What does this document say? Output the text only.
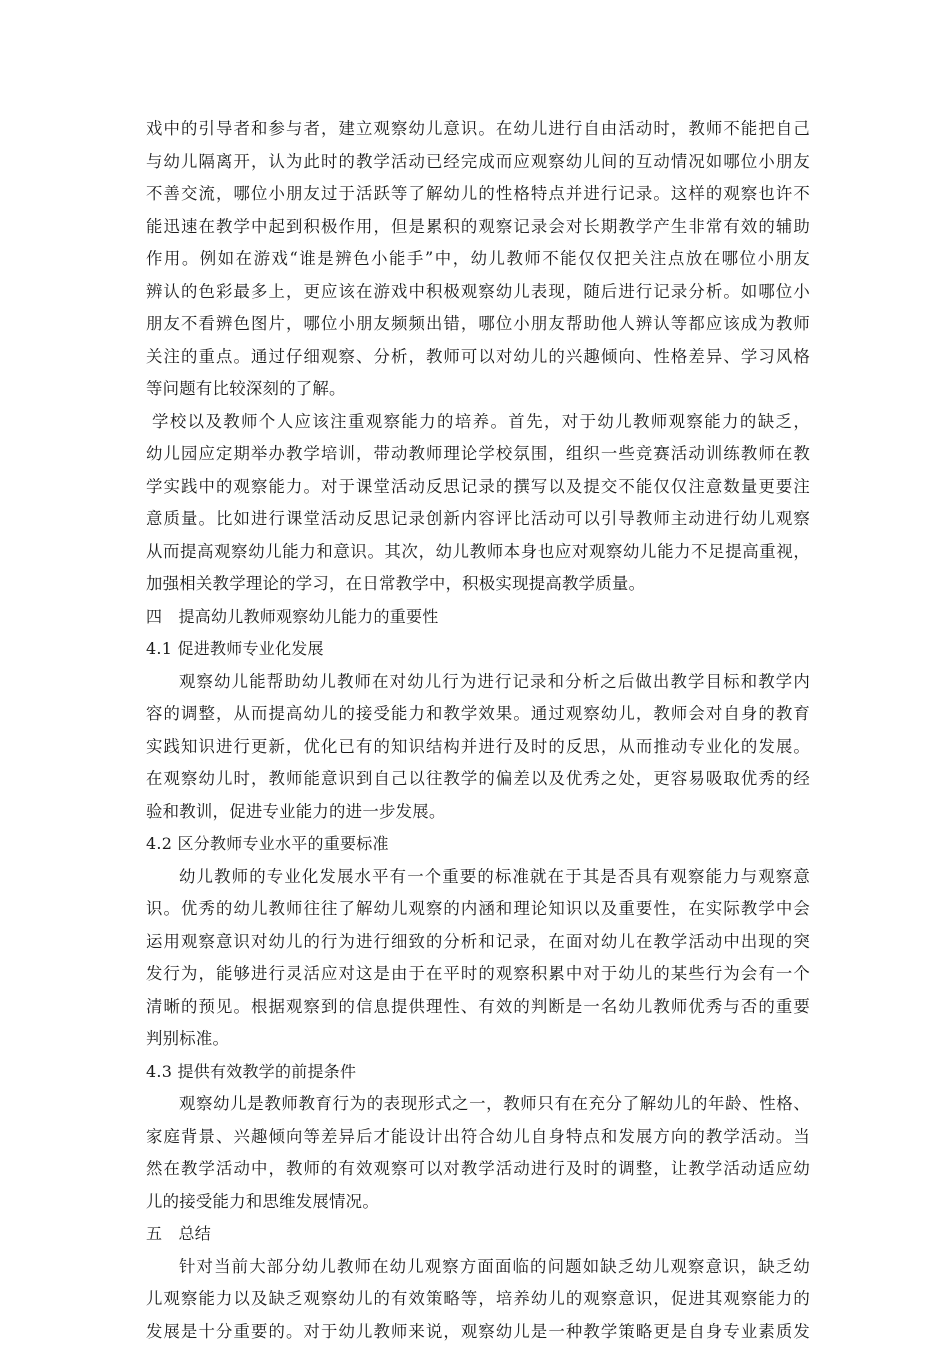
戏中的引导者和参与者，建立观察幼儿意识。在幼儿进行自由活动时，教师不能把自己
与幼儿隔离开，认为此时的教学活动已经完成而应观察幼儿间的互动情况如哪位小朋友
不善交流，哪位小朋友过于活跃等了解幼儿的性格特点并进行记录。这样的观察也许不
能迅速在教学中起到积极作用，但是累积的观察记录会对长期教学产生非常有效的辅助
作用。例如在游戏“谁是辨色小能手”中，幼儿教师不能仅仅把关注点放在哪位小朋友
辨认的色彩最多上，更应该在游戏中积极观察幼儿表现，随后进行记录分析。如哪位小
朋友不看辨色图片，哪位小朋友频频出错，哪位小朋友帮助他人辨认等都应该成为教师
关注的重点。通过仔细观察、分析，教师可以对幼儿的兴趣倾向、性格差异、学习风格
等问题有比较深刻的了解。
学校以及教师个人应该注重观察能力的培养。首先，对于幼儿教师观察能力的缺乏，
幼儿园应定期举办教学培训，带动教师理论学校氛围，组织一些竞赛活动训练教师在教
学实践中的观察能力。对于课堂活动反思记录的撰写以及提交不能仅仅注意数量更要注
意质量。比如进行课堂活动反思记录创新内容评比活动可以引导教师主动进行幼儿观察
从而提高观察幼儿能力和意识。其次，幼儿教师本身也应对观察幼儿能力不足提高重视，
加强相关教学理论的学习，在日常教学中，积极实现提高教学质量。
四　提高幼儿教师观察幼儿能力的重要性
4.1 促进教师专业化发展
观察幼儿能帮助幼儿教师在对幼儿行为进行记录和分析之后做出教学目标和教学内
容的调整，从而提高幼儿的接受能力和教学效果。通过观察幼儿，教师会对自身的教育
实践知识进行更新，优化已有的知识结构并进行及时的反思，从而推动专业化的发展。
在观察幼儿时，教师能意识到自己以往教学的偏差以及优秀之处，更容易吸取优秀的经
验和教训，促进专业能力的进一步发展。
4.2 区分教师专业水平的重要标准
幼儿教师的专业化发展水平有一个重要的标准就在于其是否具有观察能力与观察意
识。优秀的幼儿教师往往了解幼儿观察的内涵和理论知识以及重要性，在实际教学中会
运用观察意识对幼儿的行为进行细致的分析和记录，在面对幼儿在教学活动中出现的突
发行为，能够进行灵活应对这是由于在平时的观察积累中对于幼儿的某些行为会有一个
清晰的预见。根据观察到的信息提供理性、有效的判断是一名幼儿教师优秀与否的重要
判别标准。
4.3 提供有效教学的前提条件
观察幼儿是教师教育行为的表现形式之一，教师只有在充分了解幼儿的年龄、性格、
家庭背景、兴趣倾向等差异后才能设计出符合幼儿自身特点和发展方向的教学活动。当
然在教学活动中，教师的有效观察可以对教学活动进行及时的调整，让教学活动适应幼
儿的接受能力和思维发展情况。
五　总结
针对当前大部分幼儿教师在幼儿观察方面面临的问题如缺乏幼儿观察意识，缺乏幼
儿观察能力以及缺乏观察幼儿的有效策略等，培养幼儿的观察意识，促进其观察能力的
发展是十分重要的。对于幼儿教师来说，观察幼儿是一种教学策略更是自身专业素质发
